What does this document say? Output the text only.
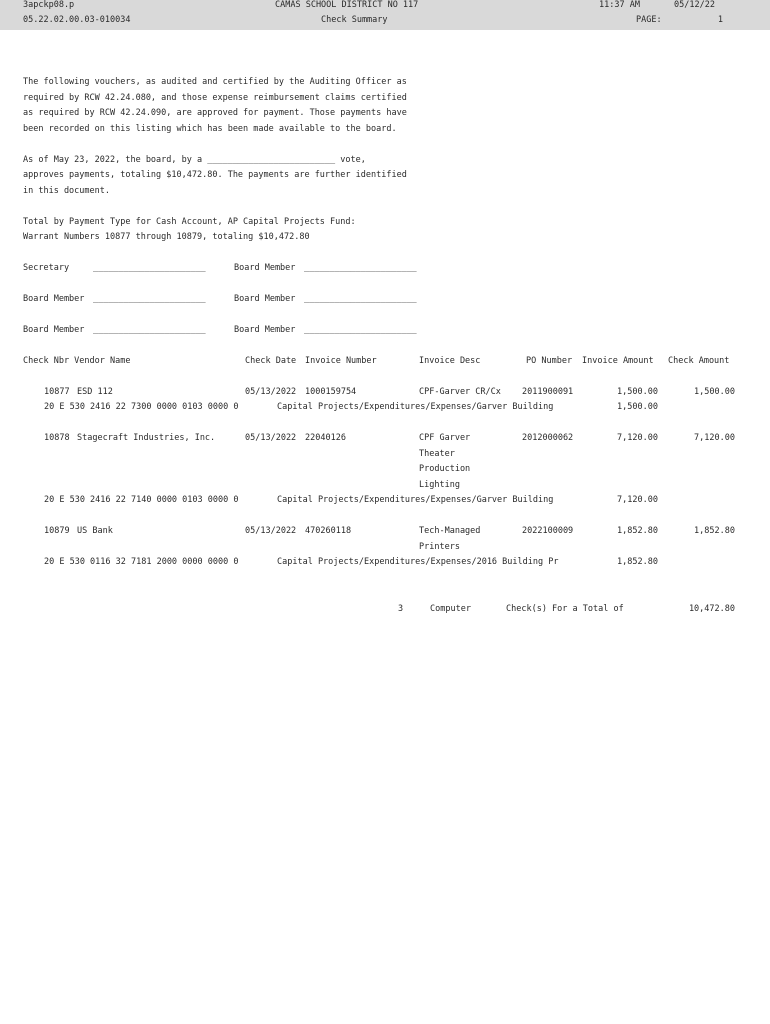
3apckp08.p
05.22.02.00.03-010034
CAMAS SCHOOL DISTRICT NO 117
Check Summary
11:37 AM	05/12/22
PAGE:	1
The following vouchers, as audited and certified by the Auditing Officer as
required by RCW 42.24.080, and those expense reimbursement claims certified
as required by RCW 42.24.090, are approved for payment. Those payments have
been recorded on this listing which has been made available to the board.
As of May 23, 2022, the board, by a _________________________ vote,
approves payments, totaling $10,472.80. The payments are further identified
in this document.
Total by Payment Type for Cash Account, AP Capital Projects Fund:
Warrant Numbers 10877 through 10879, totaling $10,472.80
Secretary	______________________	Board Member ______________________
Board Member ______________________	Board Member ______________________
Board Member ______________________	Board Member ______________________
Check Nbr Vendor Name	Check Date Invoice Number	Invoice Desc	PO Number Invoice Amount Check Amount
10877 ESD 112	05/13/2022 1000159754	CPF-Garver CR/Cx 2011900091	1,500.00	1,500.00
20 E 530 2416 22 7300 0000 0103 0000 0	Capital Projects/Expenditures/Expenses/Garver Building	1,500.00
10878 Stagecraft Industries, Inc.	05/13/2022 22040126	CPF Garver
Theater
Production
Lighting
2012000062	7,120.00	7,120.00
20 E 530 2416 22 7140 0000 0103 0000 0	Capital Projects/Expenditures/Expenses/Garver Building	7,120.00
10879 US Bank	05/13/2022 470260118	Tech-Managed
Printers
2022100009	1,852.80	1,852.80
20 E 530 0116 32 7181 2000 0000 0000 0	Capital Projects/Expenditures/Expenses/2016 Building Pr	1,852.80
3	Computer	Check(s) For a Total of	10,472.80
